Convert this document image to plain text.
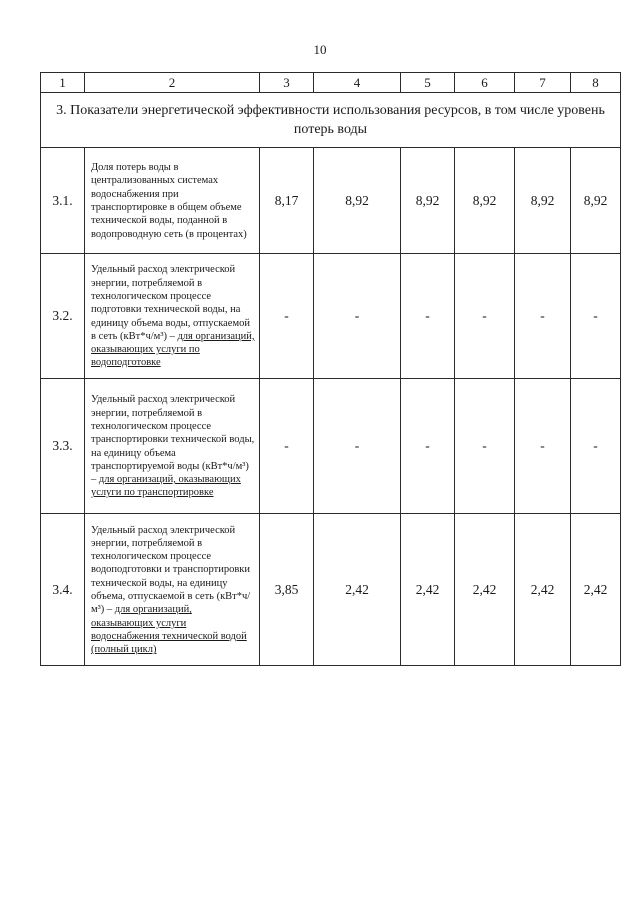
10
1	2	3	4	5	6	7	8
3. Показатели энергетической эффективности использования ресурсов, в том числе уровень потерь воды							
3.1.	Доля потерь воды в централизованных системах водоснабжения при транспортировке в общем объеме технической воды, поданной в водопроводную сеть (в процентах)	8,17	8,92	8,92	8,92	8,92	8,92
3.2.	Удельный расход электрической энергии, потребляемой в технологическом процессе подготовки технической воды, на единицу объема воды, отпускаемой в сеть (кВт*ч/м³) – для организаций, оказывающих услуги по водоподготовке	-	-	-	-	-	-
3.3.	Удельный расход электрической энергии, потребляемой в технологическом процессе транспортировки технической воды, на единицу объема транспортируемой воды (кВт*ч/м³) – для организаций, оказывающих услуги по транспортировке	-	-	-	-	-	-
3.4.	Удельный расход электрической энергии, потребляемой в технологическом процессе водоподготовки и транспортировки технической воды, на единицу объема, отпускаемой в сеть (кВт*ч/м³) – для организаций, оказывающих услуги водоснабжения технической водой (полный цикл)	3,85	2,42	2,42	2,42	2,42	2,42
